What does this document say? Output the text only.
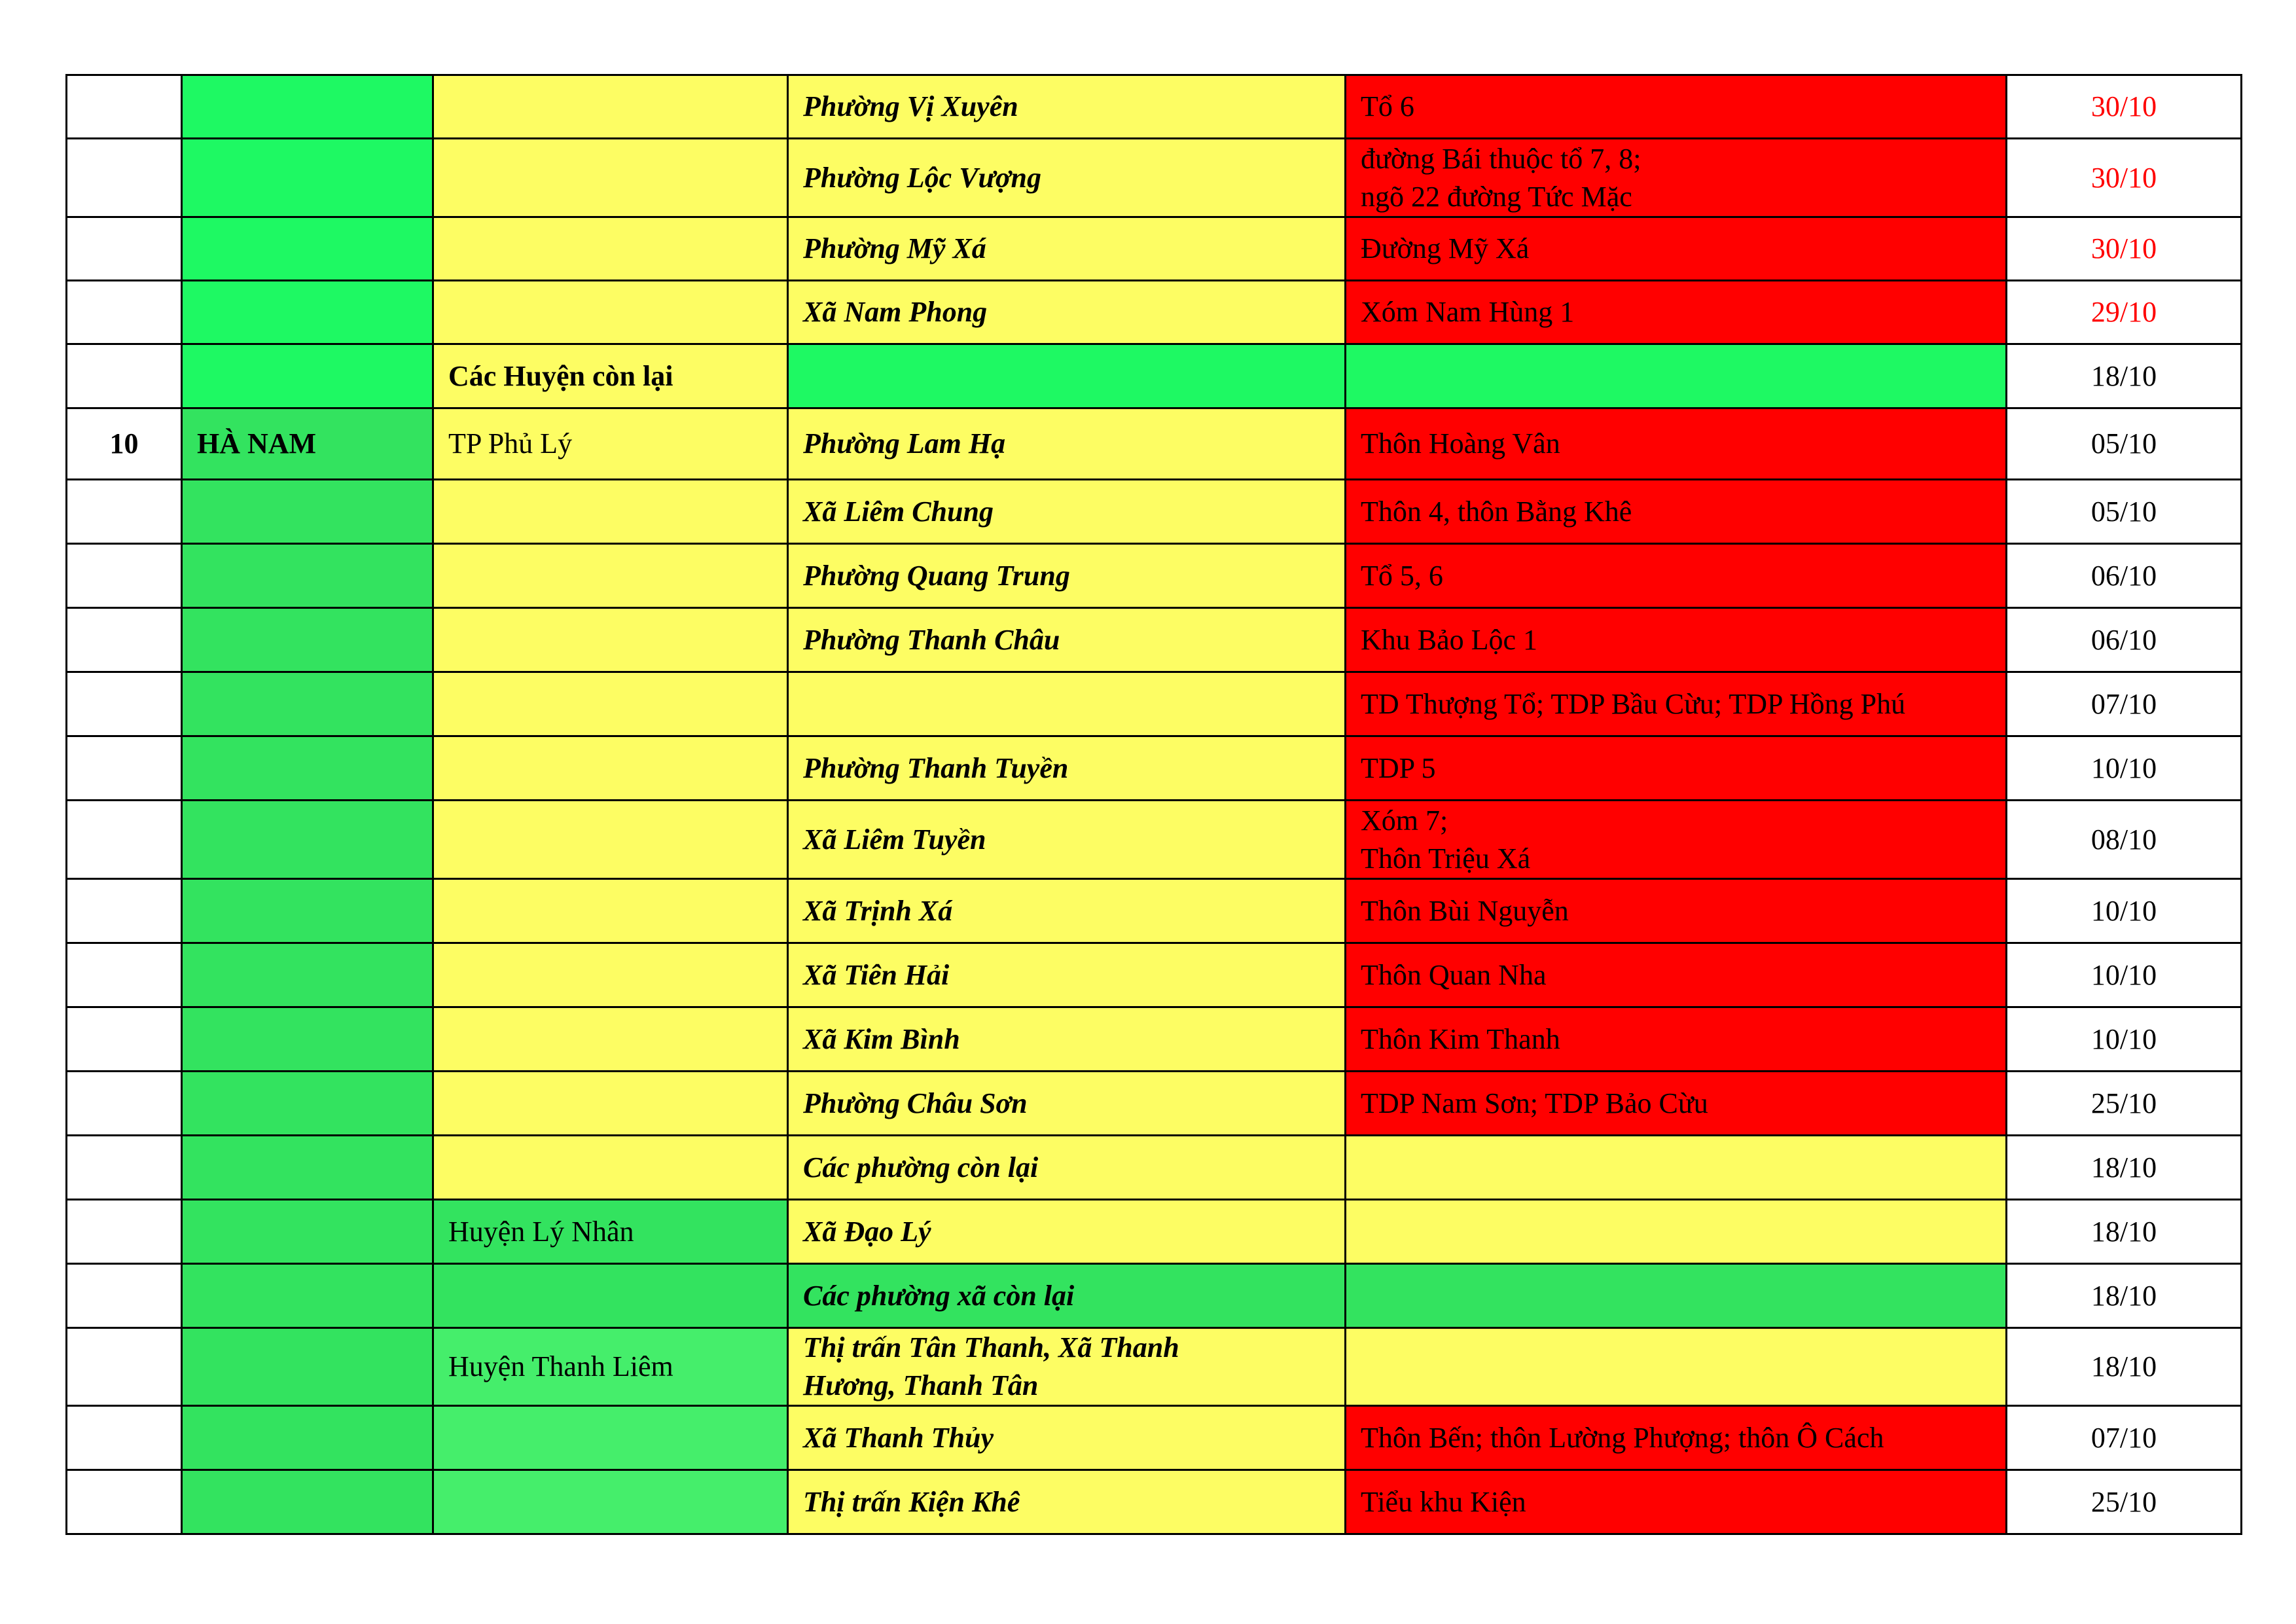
			Phường Vị Xuyên	Tổ 6	30/10
			Phường Lộc Vượng	đường Bái thuộc tổ 7, 8;
ngõ 22 đường Tức Mặc	30/10
			Phường Mỹ Xá	Đường Mỹ Xá	30/10
			Xã Nam Phong	Xóm Nam Hùng 1	29/10
		Các Huyện còn lại			18/10
10	HÀ NAM	TP Phủ Lý	Phường Lam Hạ	Thôn Hoàng Vân	05/10
			Xã Liêm Chung	Thôn 4, thôn Bằng Khê	05/10
			Phường Quang Trung	Tổ 5, 6	06/10
			Phường Thanh Châu	Khu Bảo Lộc 1	06/10

				TD Thượng Tổ; TDP Bầu Cừu; TDP Hồng Phú	07/10
			Phường Thanh Tuyền	TDP 5	10/10
			Xã Liêm Tuyền	Xóm 7;
Thôn Triệu Xá	08/10
			Xã Trịnh Xá	Thôn Bùi Nguyễn	10/10
			Xã Tiên Hải	Thôn Quan Nha	10/10
			Xã Kim Bình	Thôn Kim Thanh	10/10
			Phường Châu Sơn	TDP Nam Sơn; TDP Bảo Cừu	25/10
			Các phường còn lại		18/10
		Huyện Lý Nhân	Xã Đạo Lý		18/10
			Các phường xã còn lại		18/10
		Huyện Thanh Liêm	Thị trấn Tân Thanh, Xã Thanh
Hương, Thanh Tân		18/10
			Xã Thanh Thủy	Thôn Bến; thôn Lường Phượng; thôn Ô Cách	07/10
			Thị trấn Kiện Khê	Tiểu khu Kiện	25/10
